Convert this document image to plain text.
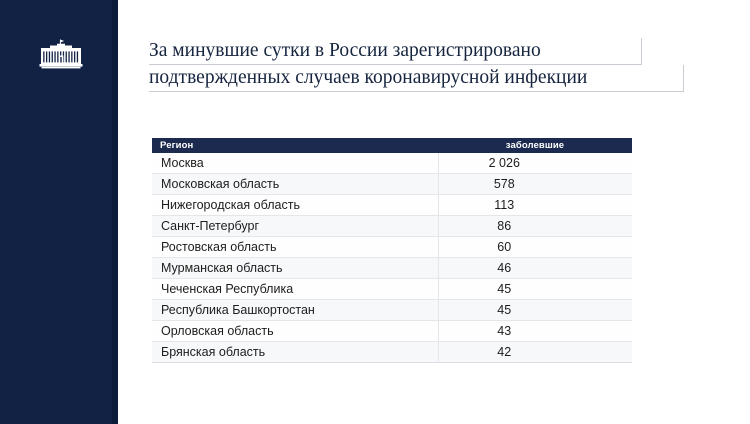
За минувшие сутки в России зарегистрировано
подтвержденных случаев коронавирусной инфекции
Регион	заболевшие
Москва	2 026
Московская область	578
Нижегородская область	113
Санкт-Петербург	86
Ростовская область	60
Мурманская область	46
Чеченская Республика	45
Республика Башкортостан	45
Орловская область	43
Брянская область	42
